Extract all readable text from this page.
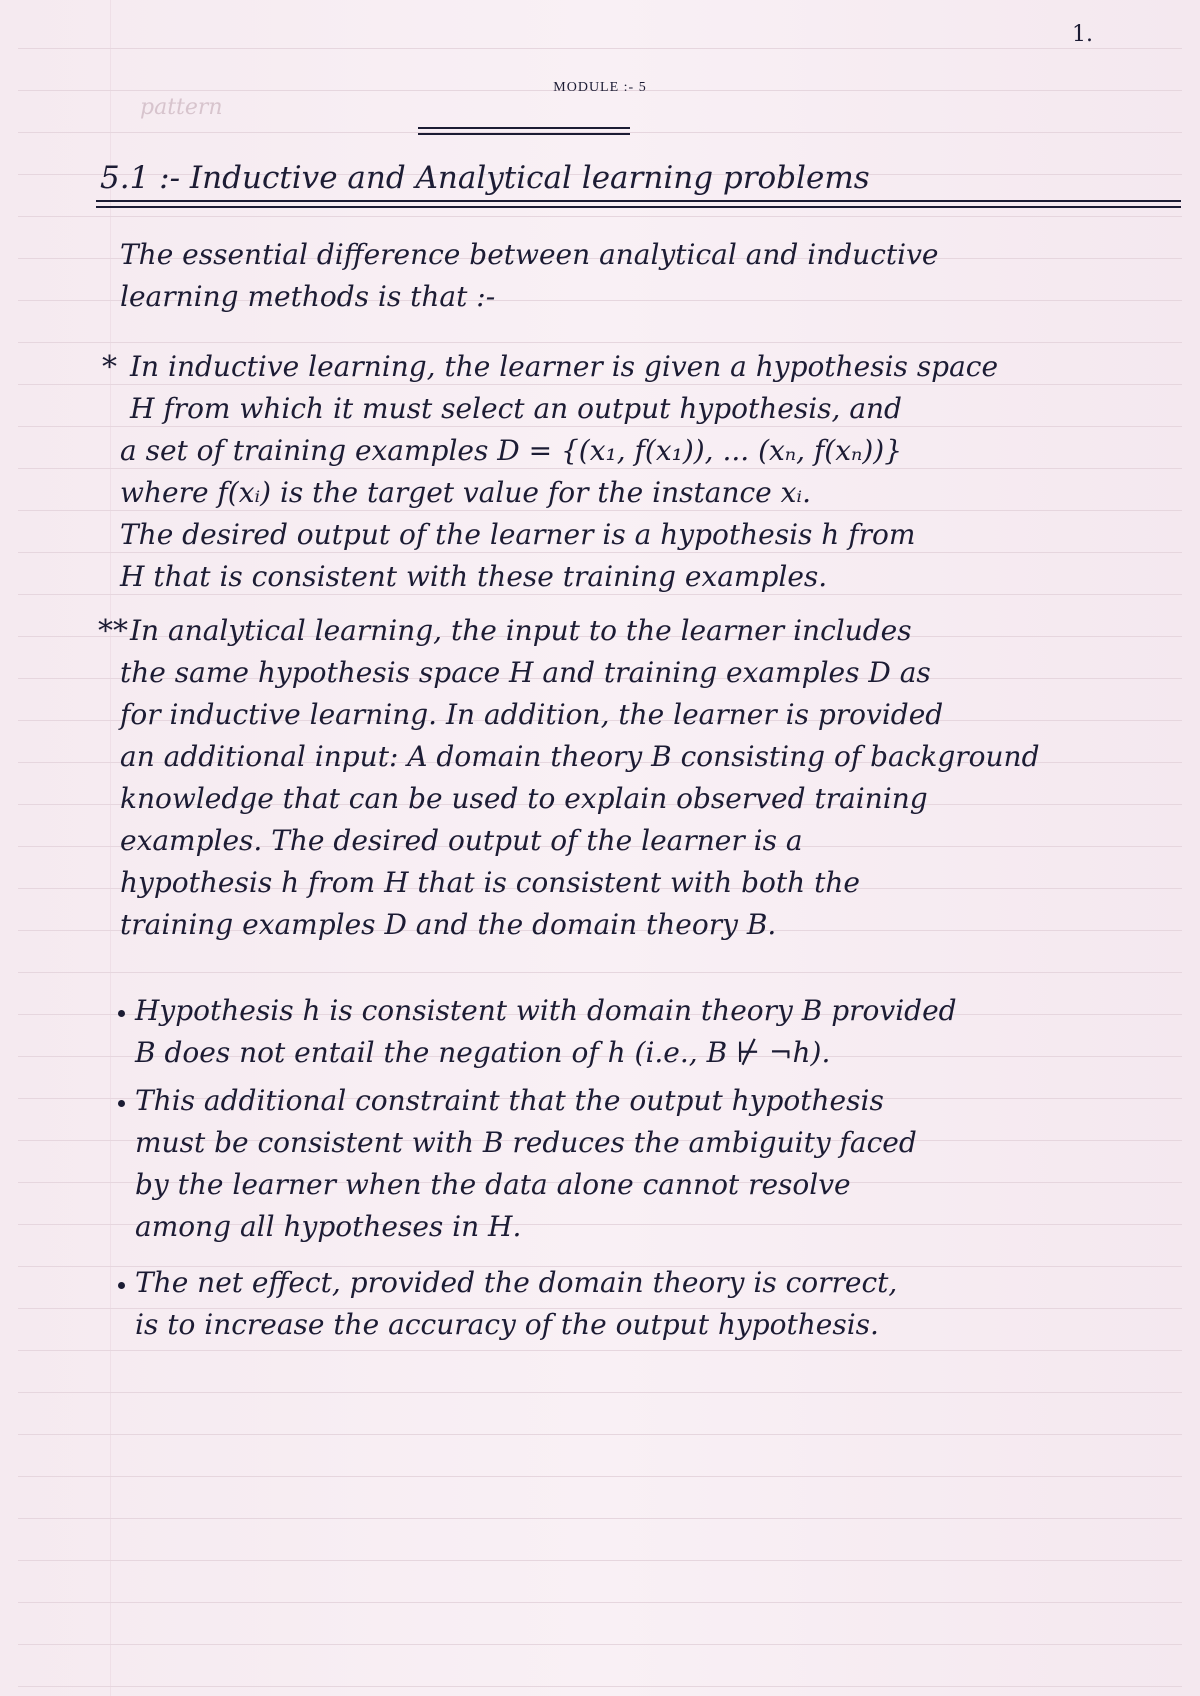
pattern

1.
MODULE :- 5
5.1 :- Inductive and Analytical learning problems
The essential difference between analytical and inductive
learning methods is that :-
* In inductive learning, the learner is given a hypothesis space
H from which it must select an output hypothesis, and
a set of training examples D = {(x₁, f(x₁)), ... (xₙ, f(xₙ))}
where f(xᵢ) is the target value for the instance xᵢ.
The desired output of the learner is a hypothesis h from
H that is consistent with these training examples.
** In analytical learning, the input to the learner includes
the same hypothesis space H and training examples D as
for inductive learning. In addition, the learner is provided
an additional input: A domain theory B consisting of background
knowledge that can be used to explain observed training
examples. The desired output of the learner is a
hypothesis h from H that is consistent with both the
training examples D and the domain theory B.
Hypothesis h is consistent with domain theory B provided
B does not entail the negation of h (i.e., B ⊬ ¬h).
This additional constraint that the output hypothesis
must be consistent with B reduces the ambiguity faced
by the learner when the data alone cannot resolve
among all hypotheses in H.
The net effect, provided the domain theory is correct,
is to increase the accuracy of the output hypothesis.
